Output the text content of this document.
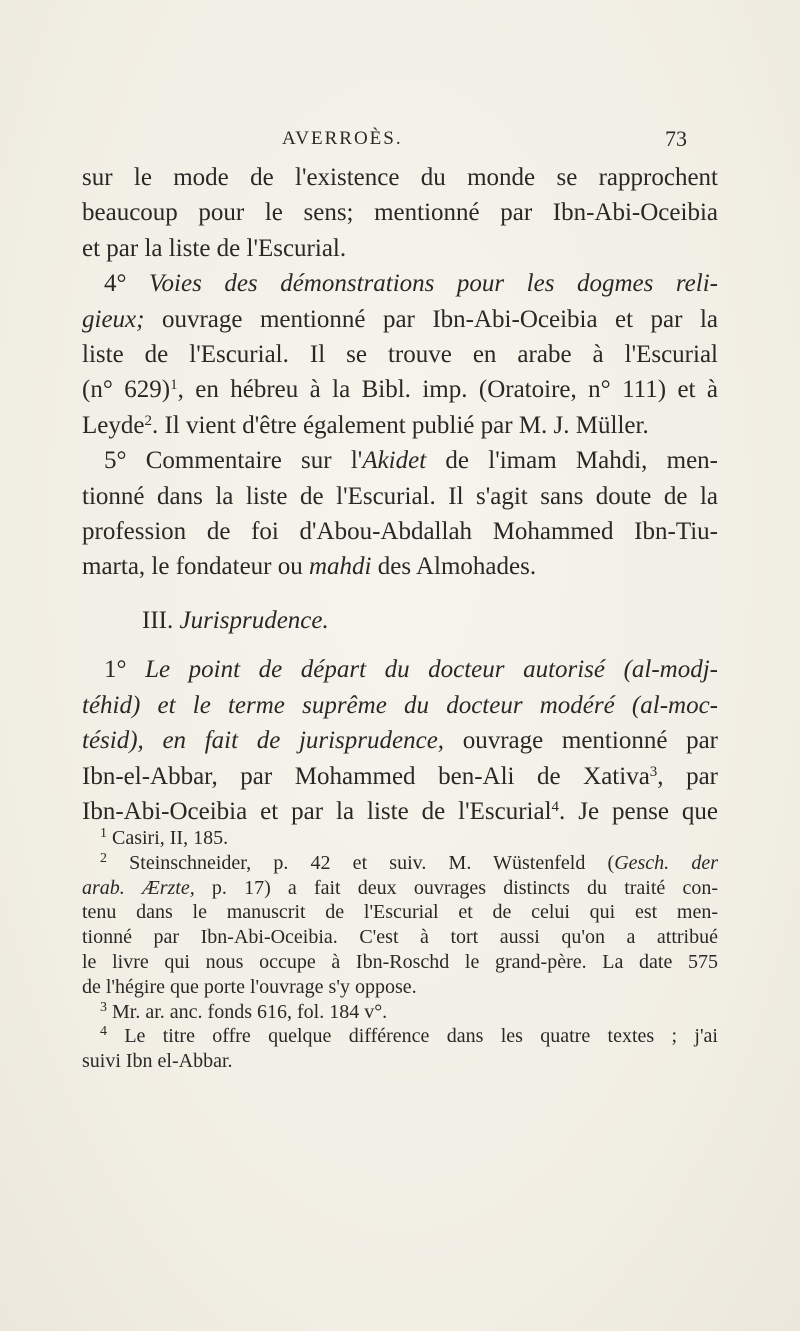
AVERROÈS.	73

sur le mode de l'existence du monde se rapprochent
beaucoup pour le sens; mentionné par Ibn-Abi-Oceibia
et par la liste de l'Escurial.

4° Voies des démonstrations pour les dogmes reli-
gieux; ouvrage mentionné par Ibn-Abi-Oceibia et par la
liste de l'Escurial. Il se trouve en arabe à l'Escurial
(n° 629)$^1$, en hébreu à la Bibl. imp. (Oratoire, n° 111) et à
Leyde$^2$. Il vient d'être également publié par M. J. Müller.

5° Commentaire sur l'Akidet de l'imam Mahdi, men-
tionné dans la liste de l'Escurial. Il s'agit sans doute de la
profession de foi d'Abou-Abdallah Mohammed Ibn-Tiu-
marta, le fondateur ou mahdi des Almohades.

III. Jurisprudence.

1° Le point de départ du docteur autorisé (al-modj-
téhid) et le terme suprême du docteur modéré (al-moc-
tésid), en fait de jurisprudence, ouvrage mentionné par
Ibn-el-Abbar, par Mohammed ben-Ali de Xativa$^3$, par
Ibn-Abi-Oceibia et par la liste de l'Escurial$^4$. Je pense que

$^1$ Casiri, II, 185.
$^2$ Steinschneider, p. 42 et suiv. M. Wüstenfeld (Gesch. der
arab. Ærzte, p. 17) a fait deux ouvrages distincts du traité con-
tenu dans le manuscrit de l'Escurial et de celui qui est men-
tionné par Ibn-Abi-Oceibia. C'est à tort aussi qu'on a attribué
le livre qui nous occupe à Ibn-Roschd le grand-père. La date 575
de l'hégire que porte l'ouvrage s'y oppose.
$^3$ Mr. ar. anc. fonds 616, fol. 184 v°.
$^4$ Le titre offre quelque différence dans les quatre textes ; j'ai
suivi Ibn el-Abbar.
